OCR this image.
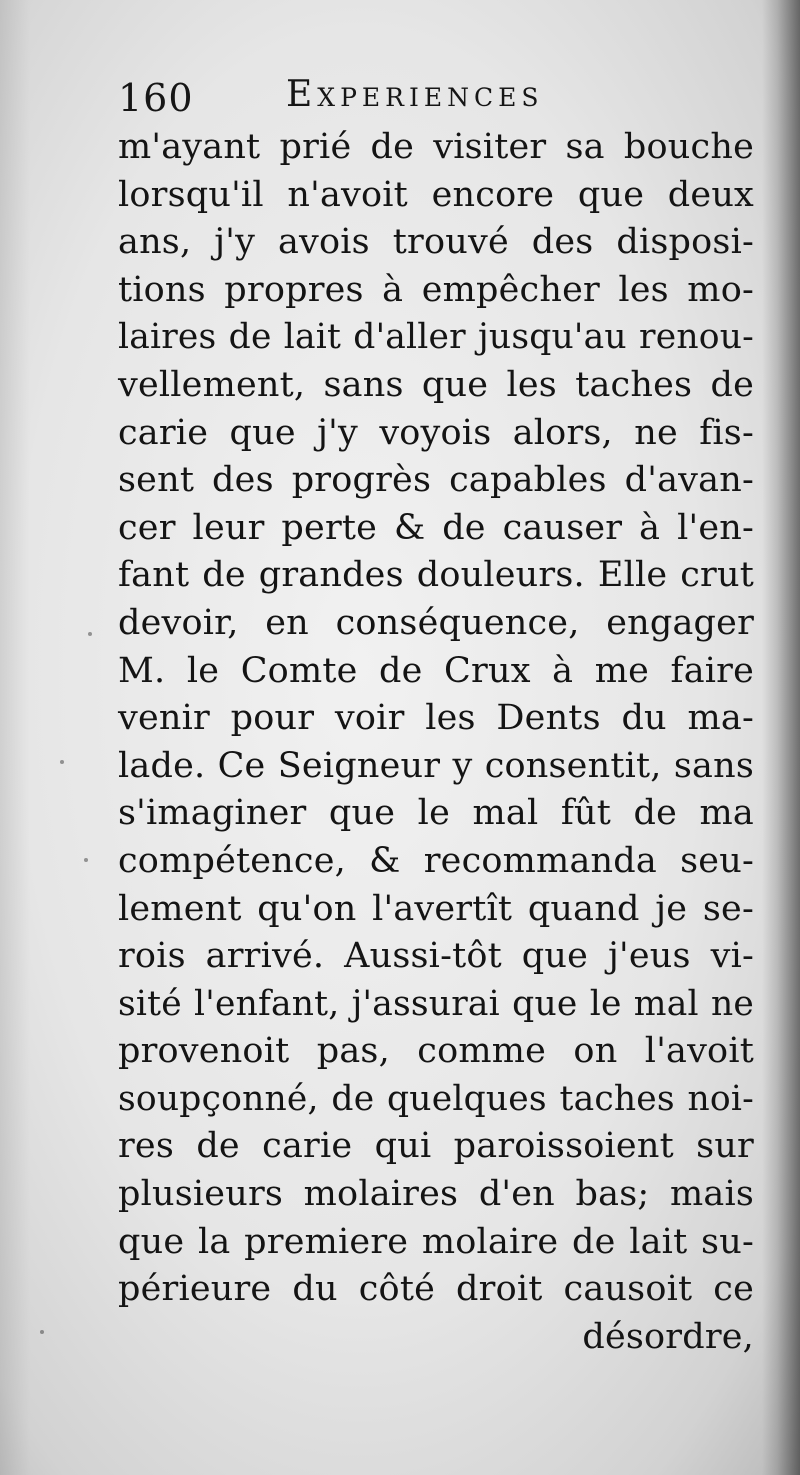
160	Experiences
m'ayant prié de visiter sa bouche
lorsqu'il n'avoit encore que deux
ans, j'y avois trouvé des disposi-
tions propres à empêcher les mo-
laires de lait d'aller jusqu'au renou-
vellement, sans que les taches de
carie que j'y voyois alors, ne fis-
sent des progrès capables d'avan-
cer leur perte & de causer à l'en-
fant de grandes douleurs. Elle crut
devoir, en conséquence, engager
M. le Comte de Crux à me faire
venir pour voir les Dents du ma-
lade. Ce Seigneur y consentit, sans
s'imaginer que le mal fût de ma
compétence, & recommanda seu-
lement qu'on l'avertît quand je se-
rois arrivé. Aussi-tôt que j'eus vi-
sité l'enfant, j'assurai que le mal ne
provenoit pas, comme on l'avoit
soupçonné, de quelques taches noi-
res de carie qui paroissoient sur
plusieurs molaires d'en bas; mais
que la premiere molaire de lait su-
périeure du côté droit causoit ce
désordre,
